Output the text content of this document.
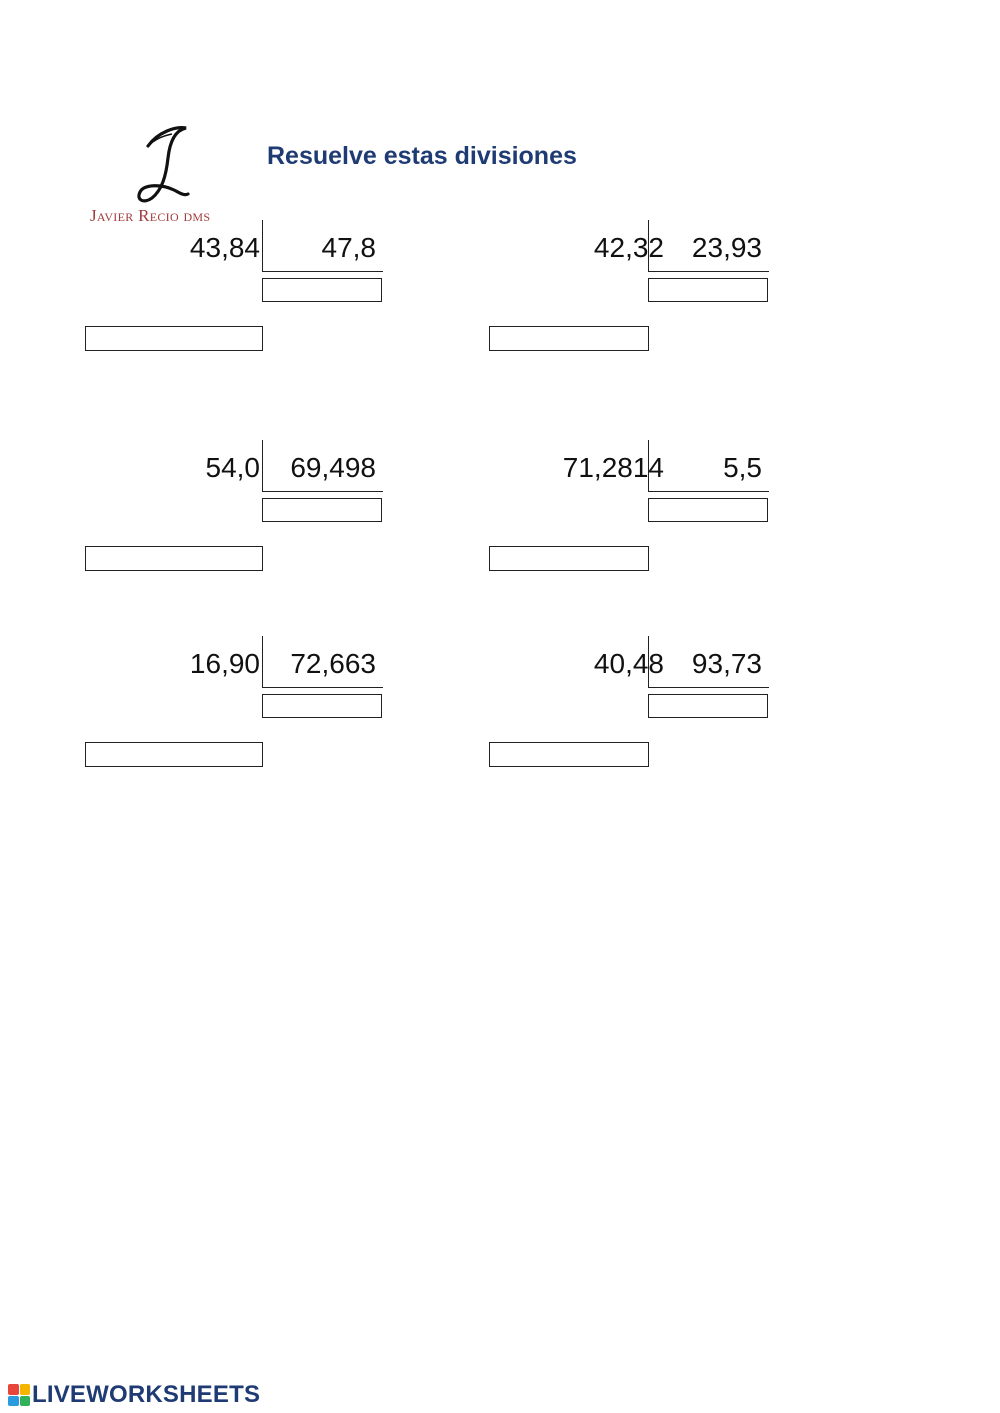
Javier Recio dms
Resuelve estas divisiones
43,84	47,8	42,32 23,93
54,0	69,498	71,2814	5,5
16,90	72,663	40,48 93,73
LIVEWORKSHEETS
